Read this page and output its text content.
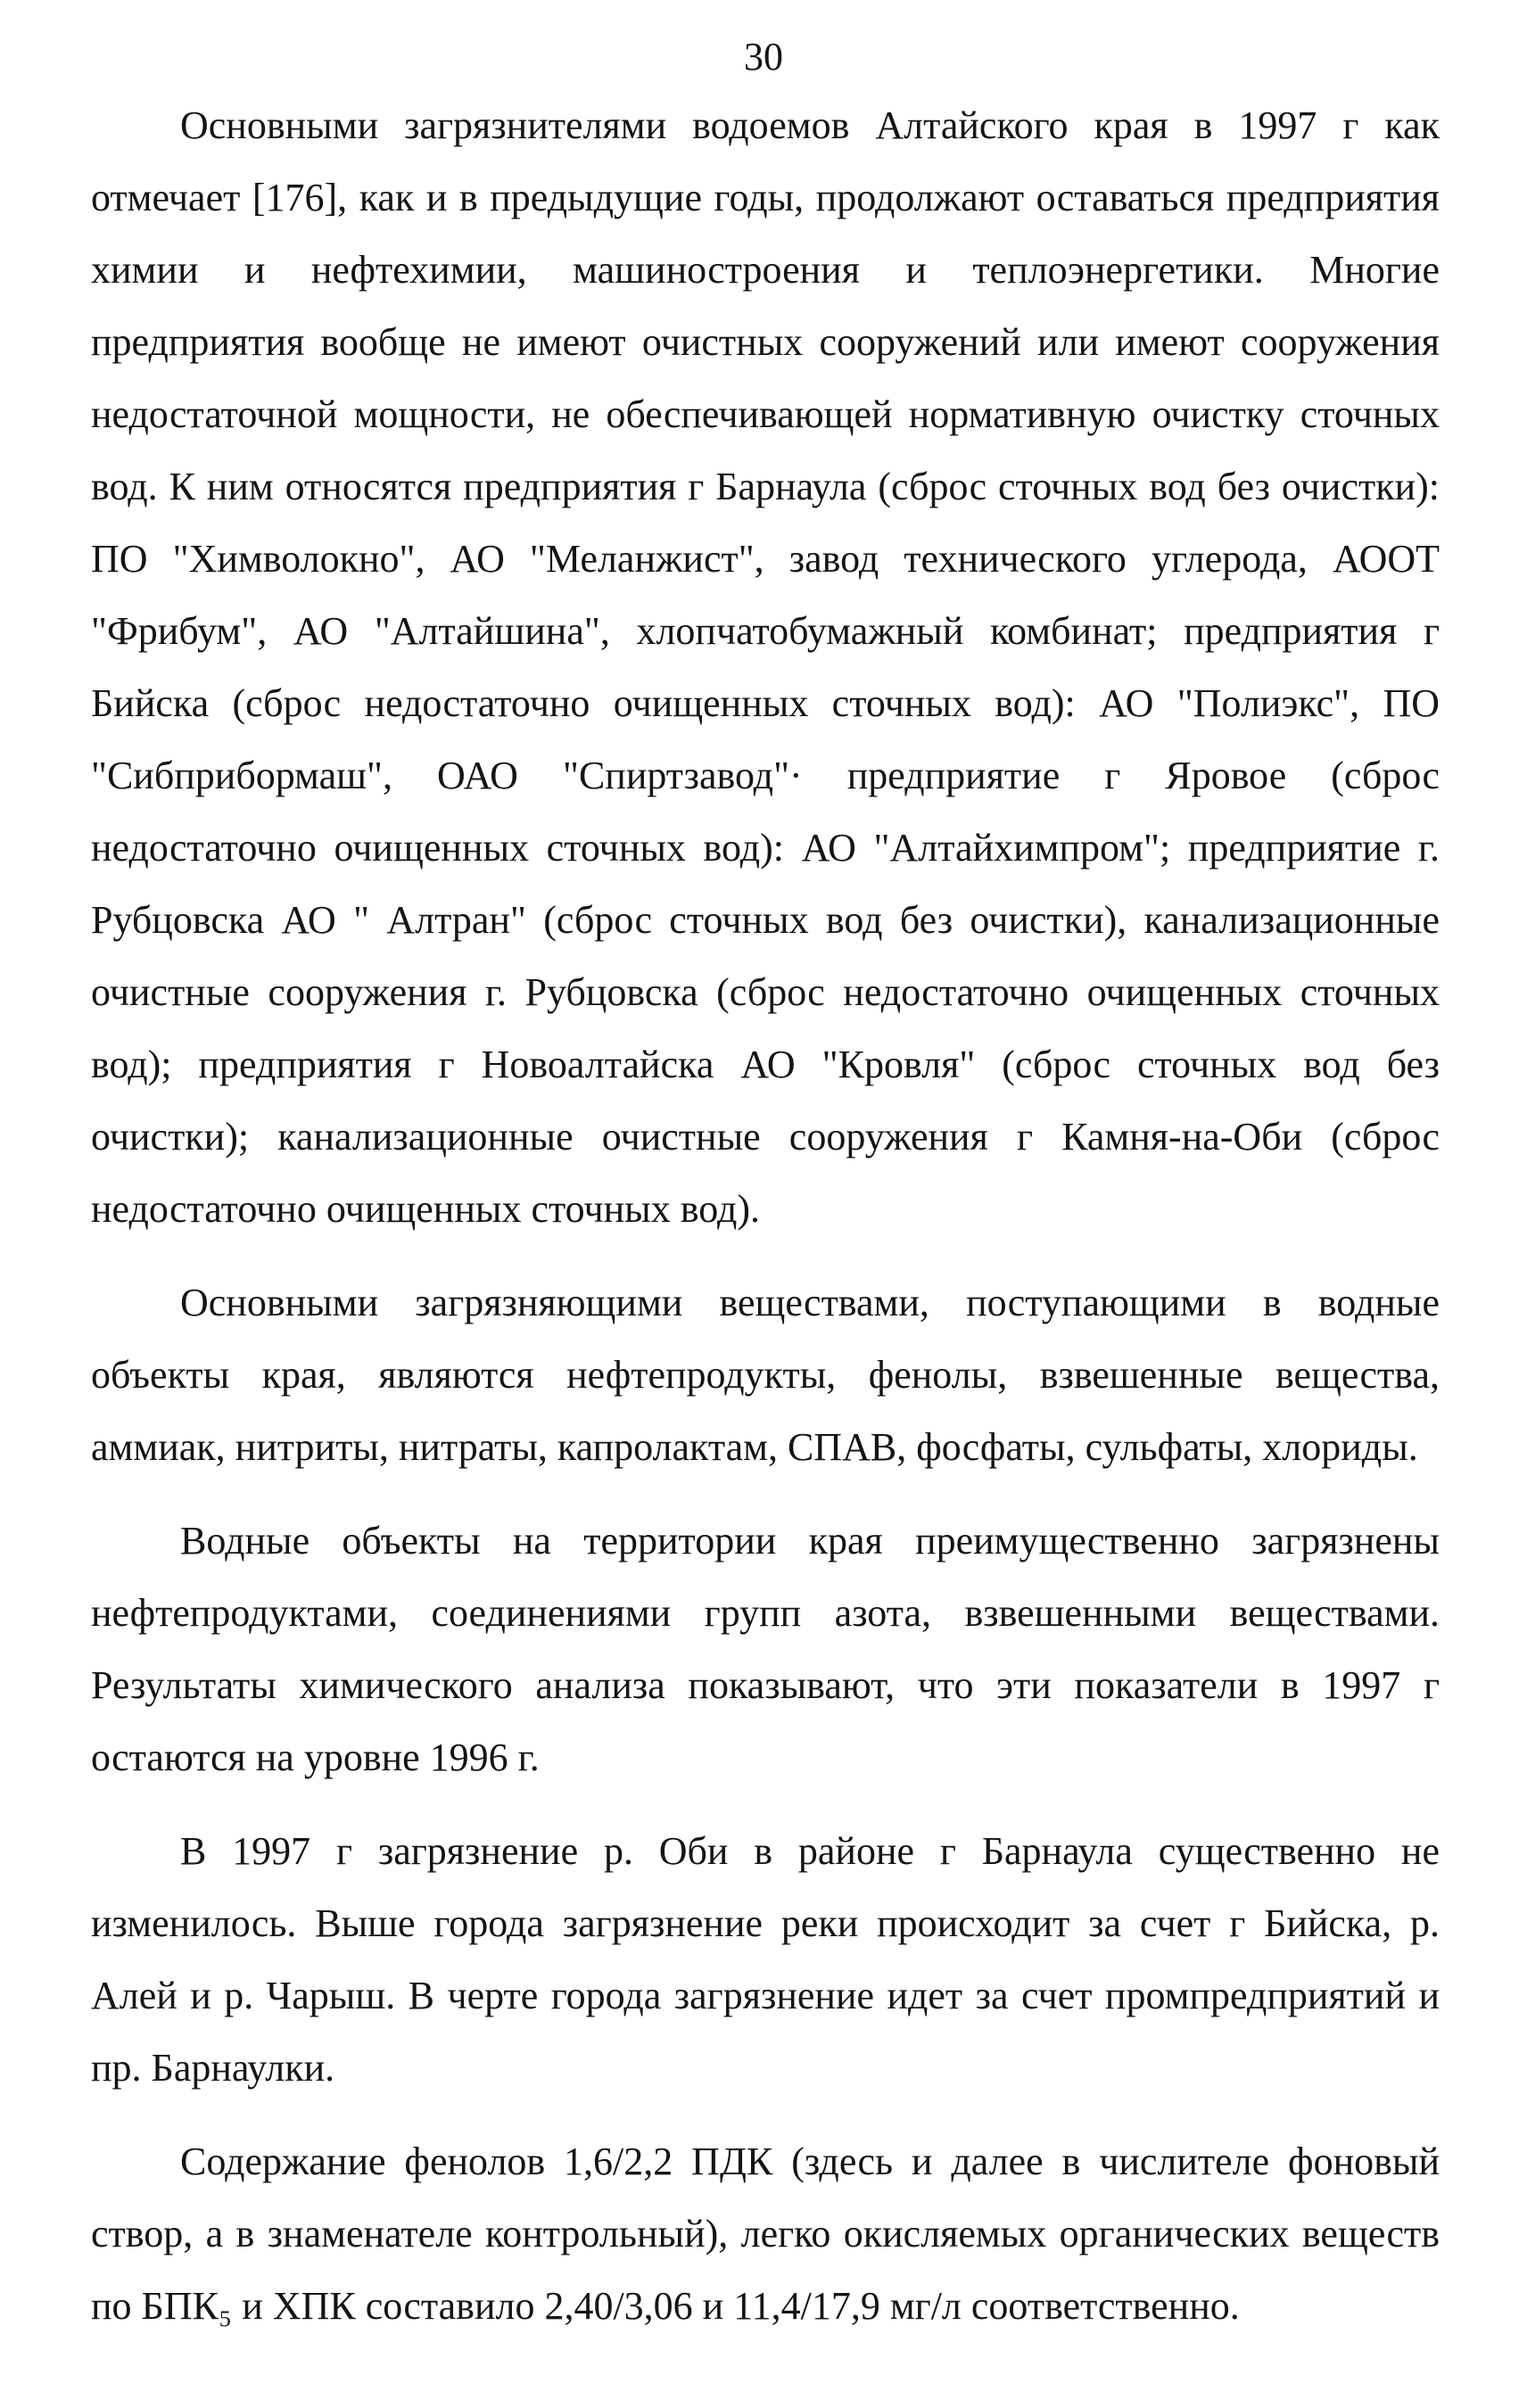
30

Основными загрязнителями водоемов Алтайского края в 1997 г как отмечает [176], как и в предыдущие годы, продолжают оставаться предприятия химии и нефтехимии, машиностроения и теплоэнергетики. Многие предприятия вообще не имеют очистных сооружений или имеют сооружения недостаточной мощности, не обеспечивающей нормативную очистку сточных вод. К ним относятся предприятия г Барнаула (сброс сточных вод без очистки): ПО "Химволокно", АО "Меланжист", завод технического углерода, АООТ "Фрибум", АО "Алтайшина", хлопчатобумажный комбинат; предприятия г Бийска (сброс недостаточно очищенных сточных вод): АО "Полиэкс", ПО "Сибприбормаш", ОАО "Спиртзавод"· предприятие г Яровое (сброс недостаточно очищенных сточных вод): АО "Алтайхимпром"; предприятие г. Рубцовска АО " Алтран" (сброс сточных вод без очистки), канализационные очистные сооружения г. Рубцовска (сброс недостаточно очищенных сточных вод); предприятия г Новоалтайска АО "Кровля" (сброс сточных вод без очистки); канализационные очистные сооружения г Камня-на-Оби (сброс недостаточно очищенных сточных вод).

Основными загрязняющими веществами, поступающими в водные объекты края, являются нефтепродукты, фенолы, взвешенные вещества, аммиак, нитриты, нитраты, капролактам, СПАВ, фосфаты, сульфаты, хлориды.

Водные объекты на территории края преимущественно загрязнены нефтепродуктами, соединениями групп азота, взвешенными веществами. Результаты химического анализа показывают, что эти показатели в 1997 г остаются на уровне 1996 г.

В 1997 г загрязнение р. Оби в районе г Барнаула существенно не изменилось. Выше города загрязнение реки происходит за счет г Бийска, р. Алей и р. Чарыш. В черте города загрязнение идет за счет промпредприятий и пр. Барнаулки.

Содержание фенолов 1,6/2,2 ПДК (здесь и далее в числителе фоновый створ, а в знаменателе контрольный), легко окисляемых органических веществ по БПК₅ и ХПК составило 2,40/3,06 и 11,4/17,9 мг/л соответственно.
